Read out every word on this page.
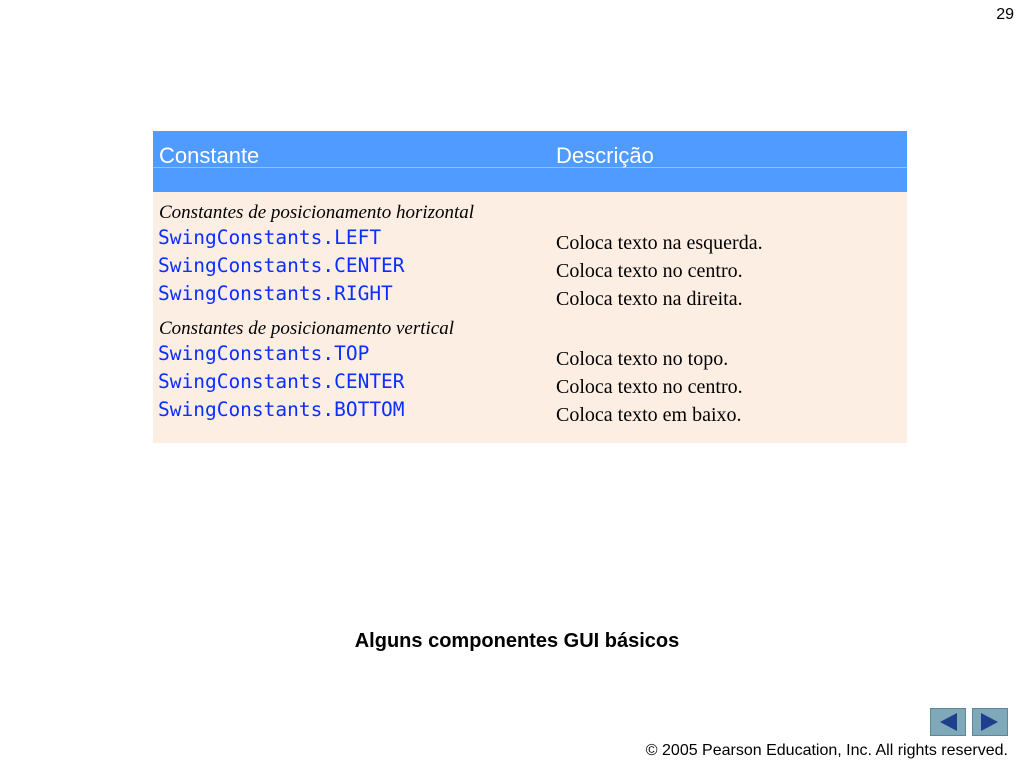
29
Constante	Descrição
Constantes de posicionamento horizontal
SwingConstants.LEFT	Coloca texto na esquerda.
SwingConstants.CENTER	Coloca texto no centro.
SwingConstants.RIGHT	Coloca texto na direita.
Constantes de posicionamento vertical
SwingConstants.TOP	Coloca texto no topo.
SwingConstants.CENTER	Coloca texto no centro.
SwingConstants.BOTTOM	Coloca texto em baixo.
Alguns componentes GUI básicos
© 2005 Pearson Education, Inc. All rights reserved.
